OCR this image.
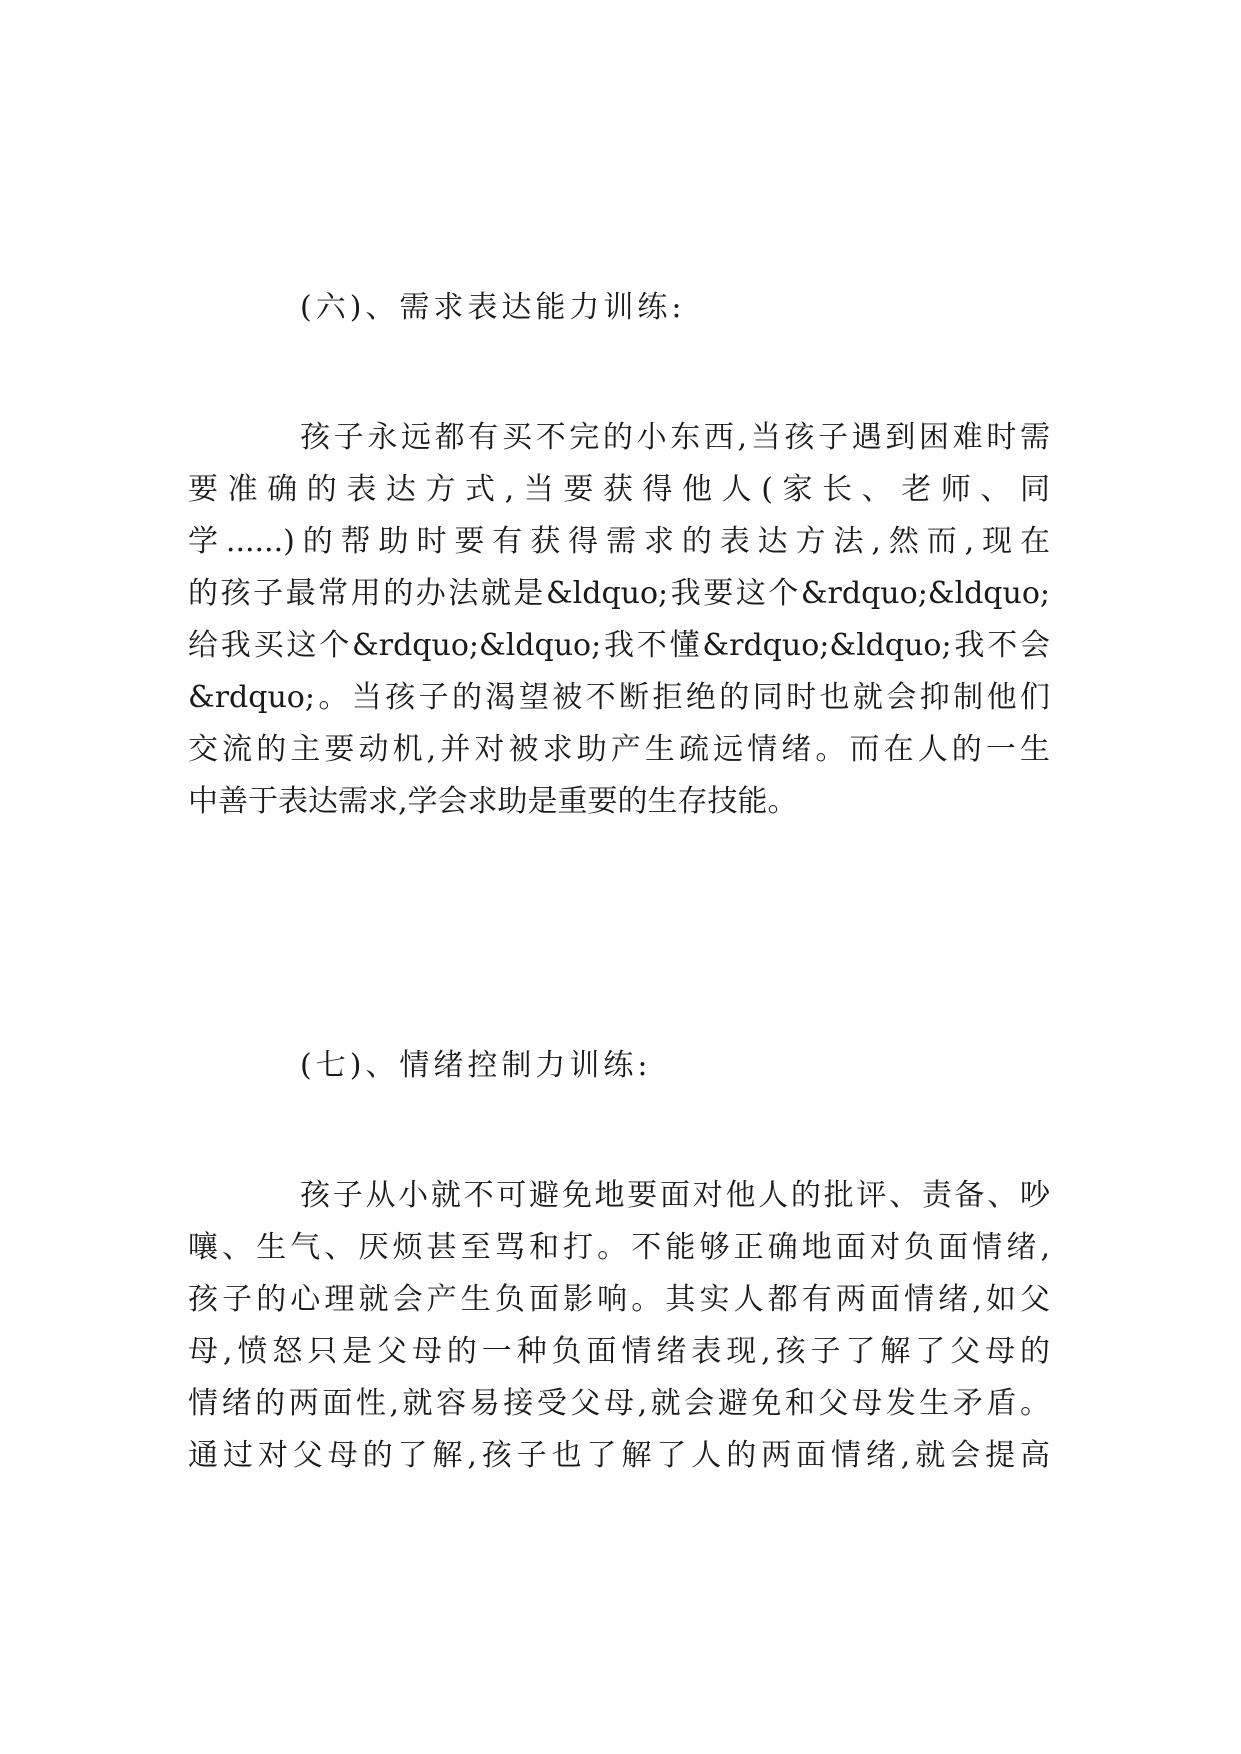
(六)、需求表达能力训练:
孩子永远都有买不完的小东西,当孩子遇到困难时需
要准确的表达方式,当要获得他人(家长、老师、同
学......)的帮助时要有获得需求的表达方法,然而,现在
的孩子最常用的办法就是&ldquo;我要这个&rdquo;&ldquo;
给我买这个&rdquo;&ldquo;我不懂&rdquo;&ldquo;我不会
&rdquo;。当孩子的渴望被不断拒绝的同时也就会抑制他们
交流的主要动机,并对被求助产生疏远情绪。而在人的一生
中善于表达需求,学会求助是重要的生存技能。
(七)、情绪控制力训练:
孩子从小就不可避免地要面对他人的批评、责备、吵
嚷、生气、厌烦甚至骂和打。不能够正确地面对负面情绪,
孩子的心理就会产生负面影响。其实人都有两面情绪,如父
母,愤怒只是父母的一种负面情绪表现,孩子了解了父母的
情绪的两面性,就容易接受父母,就会避免和父母发生矛盾。
通过对父母的了解,孩子也了解了人的两面情绪,就会提高
